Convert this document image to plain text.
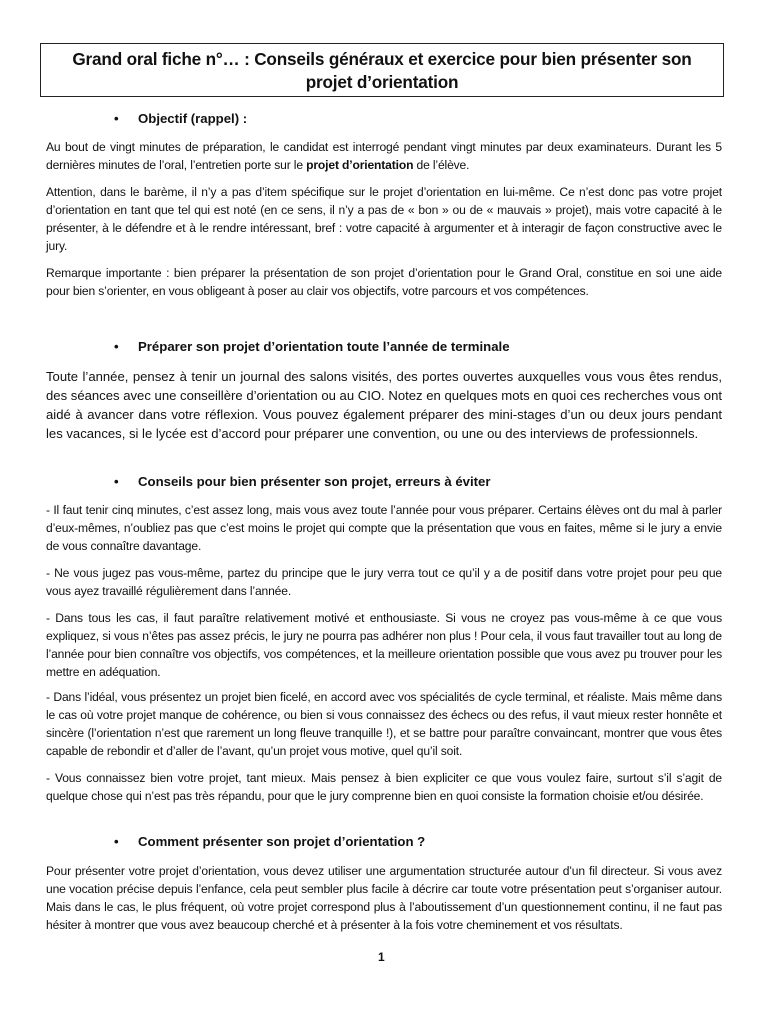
Grand oral fiche n°… : Conseils généraux et exercice pour bien présenter son
projet d’orientation
• Objectif (rappel) :
Au bout de vingt minutes de préparation, le candidat est interrogé pendant vingt minutes par deux examinateurs. Durant les 5 dernières minutes de l’oral, l’entretien porte sur le projet d’orientation de l’élève.
Attention, dans le barème, il n’y a pas d’item spécifique sur le projet d’orientation en lui-même. Ce n’est donc pas votre projet d’orientation en tant que tel qui est noté (en ce sens, il n’y a pas de « bon » ou de « mauvais » projet), mais votre capacité à le présenter, à le défendre et à le rendre intéressant, bref : votre capacité à argumenter et à interagir de façon constructive avec le jury.
Remarque importante : bien préparer la présentation de son projet d’orientation pour le Grand Oral, constitue en soi une aide pour bien s’orienter, en vous obligeant à poser au clair vos objectifs, votre parcours et vos compétences.
• Préparer son projet d’orientation toute l’année de terminale
Toute l’année, pensez à tenir un journal des salons visités, des portes ouvertes auxquelles vous vous êtes rendus, des séances avec une conseillère d’orientation ou au CIO. Notez en quelques mots en quoi ces recherches vous ont aidé à avancer dans votre réflexion. Vous pouvez également préparer des mini-stages d’un ou deux jours pendant les vacances, si le lycée est d’accord pour préparer une convention, ou une ou des interviews de professionnels.
• Conseils pour bien présenter son projet, erreurs à éviter
- Il faut tenir cinq minutes, c’est assez long, mais vous avez toute l’année pour vous préparer. Certains élèves ont du mal à parler d’eux-mêmes, n’oubliez pas que c’est moins le projet qui compte que la présentation que vous en faites, même si le jury a envie de vous connaître davantage.
- Ne vous jugez pas vous-même, partez du principe que le jury verra tout ce qu’il y a de positif dans votre projet pour peu que vous ayez travaillé régulièrement dans l’année.
- Dans tous les cas, il faut paraître relativement motivé et enthousiaste. Si vous ne croyez pas vous-même à ce que vous expliquez, si vous n’êtes pas assez précis, le jury ne pourra pas adhérer non plus ! Pour cela, il vous faut travailler tout au long de l’année pour bien connaître vos objectifs, vos compétences, et la meilleure orientation possible que vous avez pu trouver pour les mettre en adéquation.
- Dans l’idéal, vous présentez un projet bien ficelé, en accord avec vos spécialités de cycle terminal, et réaliste. Mais même dans le cas où votre projet manque de cohérence, ou bien si vous connaissez des échecs ou des refus, il vaut mieux rester honnête et sincère (l’orientation n’est que rarement un long fleuve tranquille !), et se battre pour paraître convaincant, montrer que vous êtes capable de rebondir et d’aller de l’avant, qu’un projet vous motive, quel qu’il soit.
- Vous connaissez bien votre projet, tant mieux. Mais pensez à bien expliciter ce que vous voulez faire, surtout s’il s’agit de quelque chose qui n’est pas très répandu, pour que le jury comprenne bien en quoi consiste la formation choisie et/ou désirée.
• Comment présenter son projet d’orientation ?
Pour présenter votre projet d’orientation, vous devez utiliser une argumentation structurée autour d’un fil directeur. Si vous avez une vocation précise depuis l’enfance, cela peut sembler plus facile à décrire car toute votre présentation peut s’organiser autour. Mais dans le cas, le plus fréquent, où votre projet correspond plus à l’aboutissement d’un questionnement continu, il ne faut pas hésiter à montrer que vous avez beaucoup cherché et à présenter à la fois votre cheminement et vos résultats.
1
